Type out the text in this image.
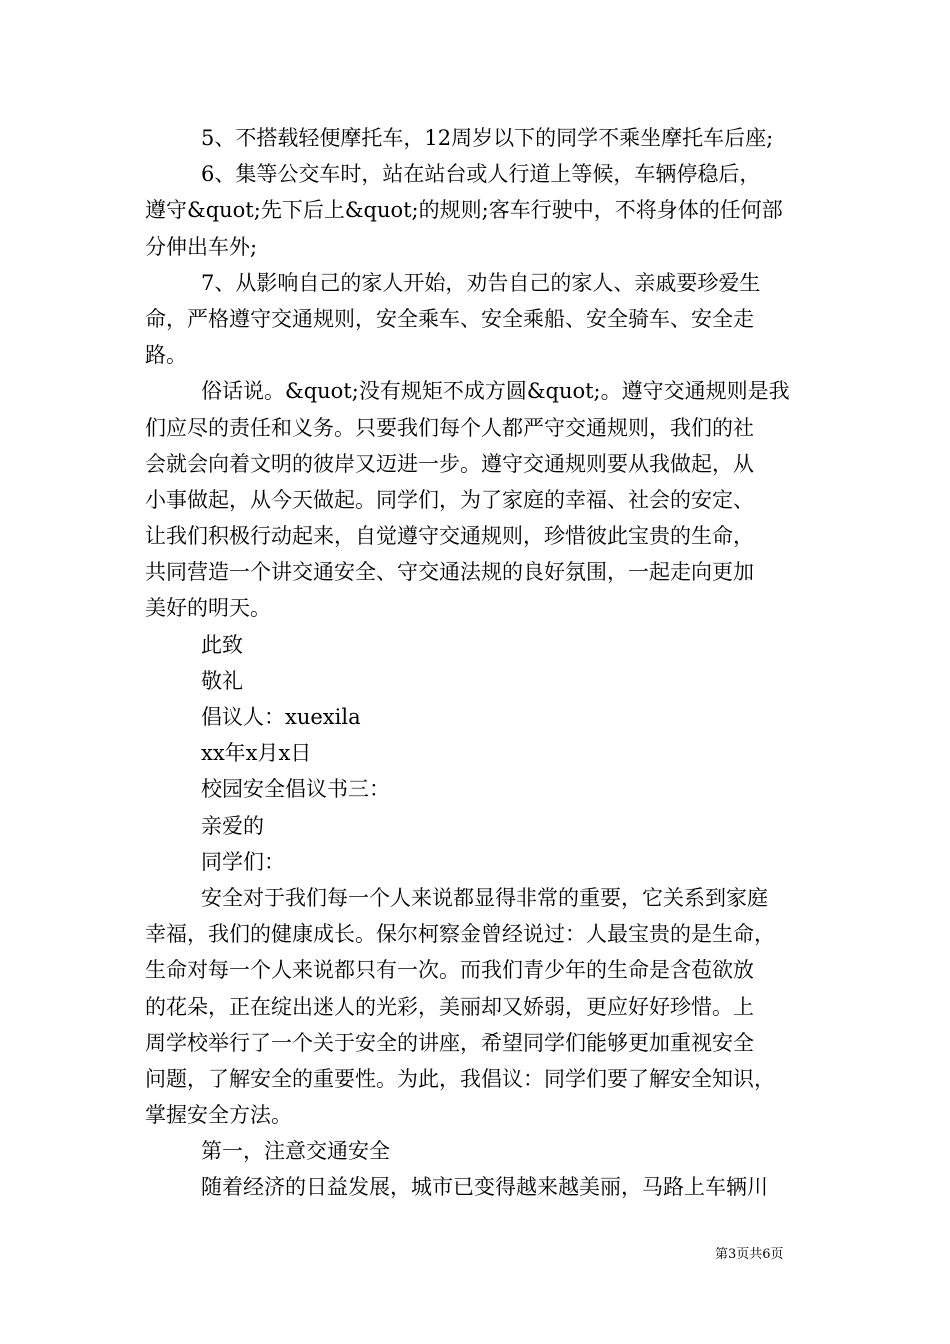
5、不搭载轻便摩托车，12周岁以下的同学不乘坐摩托车后座;
6、集等公交车时，站在站台或人行道上等候，车辆停稳后，
遵守&quot;先下后上&quot;的规则;客车行驶中，不将身体的任何部
分伸出车外;
7、从影响自己的家人开始，劝告自己的家人、亲戚要珍爱生
命，严格遵守交通规则，安全乘车、安全乘船、安全骑车、安全走
路。
俗话说。&quot;没有规矩不成方圆&quot;。遵守交通规则是我
们应尽的责任和义务。只要我们每个人都严守交通规则，我们的社
会就会向着文明的彼岸又迈进一步。遵守交通规则要从我做起，从
小事做起，从今天做起。同学们，为了家庭的幸福、社会的安定、
让我们积极行动起来，自觉遵守交通规则，珍惜彼此宝贵的生命，
共同营造一个讲交通安全、守交通法规的良好氛围，一起走向更加
美好的明天。
此致
敬礼
倡议人：xuexila
xx年x月x日
校园安全倡议书三：
亲爱的
同学们：
安全对于我们每一个人来说都显得非常的重要，它关系到家庭
幸福，我们的健康成长。保尔柯察金曾经说过：人最宝贵的是生命，
生命对每一个人来说都只有一次。而我们青少年的生命是含苞欲放
的花朵，正在绽出迷人的光彩，美丽却又娇弱，更应好好珍惜。上
周学校举行了一个关于安全的讲座，希望同学们能够更加重视安全
问题，了解安全的重要性。为此，我倡议：同学们要了解安全知识，
掌握安全方法。
第一，注意交通安全
随着经济的日益发展，城市已变得越来越美丽，马路上车辆川
第3页共6页
